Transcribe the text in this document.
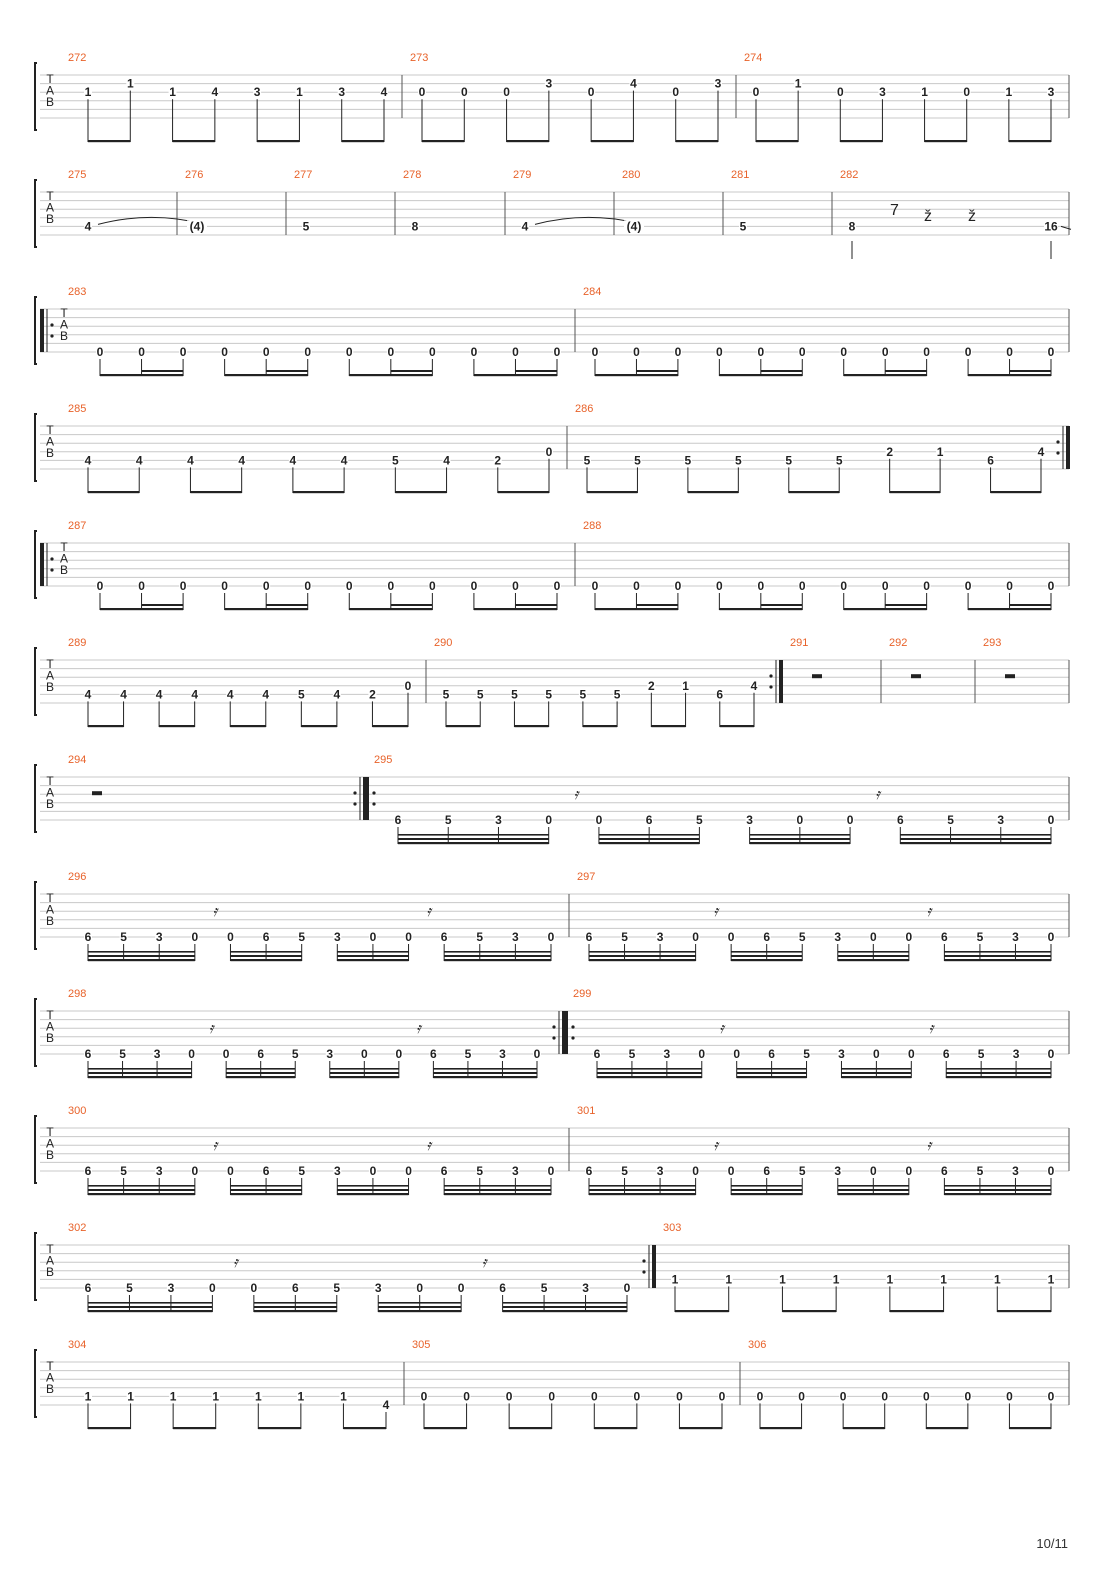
T
A
B
272
1
1
1	4	3	1	3	4
273
0	0	0
3
0
4
0
3
274
0
1
0	3	1	0	1	3
T
A
B
275
4
276
(4)
277
5
278
8
279
4
280
(4)
281
5
282
8	16
7 ž ž
T
A
B
283
0	0	0	0	0	0	0	0	0	0	0	0
284
0	0	0	0	0	0	0	0	0	0	0	0
T
A
B
285
4	4	4	4	4	4	5	4	2
0
286
5	5	5	5	5	5
2	1
6
4
T
A
B
287
0	0	0	0	0	0	0	0	0	0	0	0
288
0	0	0	0	0	0	0	0	0	0	0	0
T
A
B
289
4 4 4 4 4 4 5 4 2
0
290
5 5 5 5 5 5
2 1
6
4
291	292	293
T
A
B
294	295
6	5	3	0	0	6	5	3	0	0	6	5	3	0
𝄿	𝄿
T
A
B
296
6 5 3 0 0 6 5 3 0 0 6 5 3 0
𝄿	𝄿
297
6 5 3 0 0 6 5 3 0 0 6 5 3 0
𝄿	𝄿
T
A
B
298
6 5 3 0 0 6 5 3 0 0 6 5 3 0
𝄿	𝄿
299
6 5 3 0 0 6 5 3 0 0 6 5 3 0
𝄿	𝄿
T
A
B
300
6 5 3 0 0 6 5 3 0 0 6 5 3 0
𝄿	𝄿
301
6 5 3 0 0 6 5 3 0 0 6 5 3 0
𝄿	𝄿
T
A
B
302
6	5	3	0	0	6	5	3	0	0	6	5	3	0
𝄿	𝄿
303
1	1	1	1	1	1	1	1
T
A
B
304
1	1	1	1	1	1	1
4
305
0	0	0	0	0	0	0	0
306
0	0	0	0	0	0	0	0
10/11
